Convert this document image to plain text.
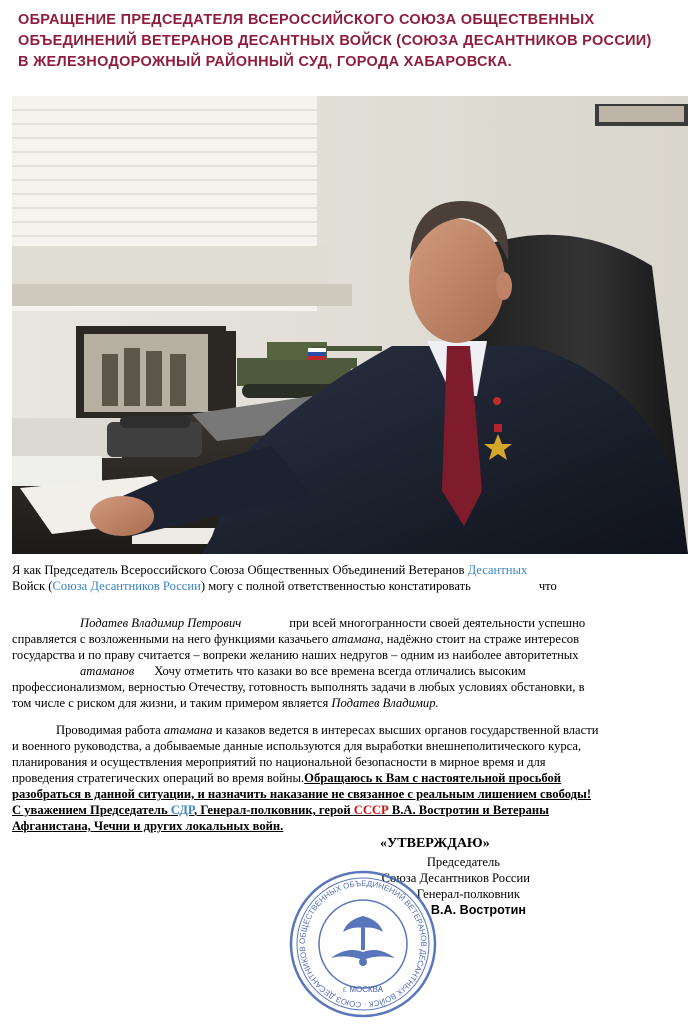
ОБРАЩЕНИЕ ПРЕДСЕДАТЕЛЯ ВСЕРОССИЙСКОГО СОЮЗА ОБЩЕСТВЕННЫХ ОБЪЕДИНЕНИЙ ВЕТЕРАНОВ ДЕСАНТНЫХ ВОЙСК (СОЮЗА ДЕСАНТНИКОВ РОССИИ) В ЖЕЛЕЗНОДОРОЖНЫЙ РАЙОННЫЙ СУД, ГОРОДА ХАБАРОВСКА.
Я как Председатель Всероссийского Союза Общественных Объединений Ветеранов Десантных
Войск (Союза Десантников России) могу с полной ответственностью констатировать	что
Податев Владимир Петрович	при всей многогранности своей деятельности успешно
справляется с возложенными на него функциями казачьего атамана, надёжно стоит на страже интересов
государства и по праву считается – вопреки желанию наших недругов – одним из наиболее авторитетных
атаманов Хочу отметить что казаки во все времена всегда отличались высоким
профессионализмом, верностью Отечеству, готовность выполнять задачи в любых условиях обстановки, в
том числе с риском для жизни, и таким примером является Податев Владимир.
Проводимая работа атамана и казаков ведется в интересах высших органов государственной власти
и военного руководства, а добываемые данные используются для выработки внешнеполитического курса,
планирования и осуществления мероприятий по национальной безопасности в мирное время и для
проведения стратегических операций во время войны.Обращаюсь к Вам с настоятельной просьбой
разобраться в данной ситуации, и назначить наказание не связанное с реальным лишением свободы!
С уважением Председатель СДР, Генерал-полковник, герой СССР В.А. Востротин и Ветераны
Афганистана, Чечни и других локальных войн.
«УТВЕРЖДАЮ»
Председатель
Союза Десантников России
Генерал-полковник
В.А. Востротин
ОБЩЕСТВЕННЫХ ОБЪЕДИНЕНИЙ ВЕТЕРАНОВ ДЕСАНТНЫХ ВОЙСК · СОЮЗ ДЕСАНТНИКОВ
г. МОСКВА
